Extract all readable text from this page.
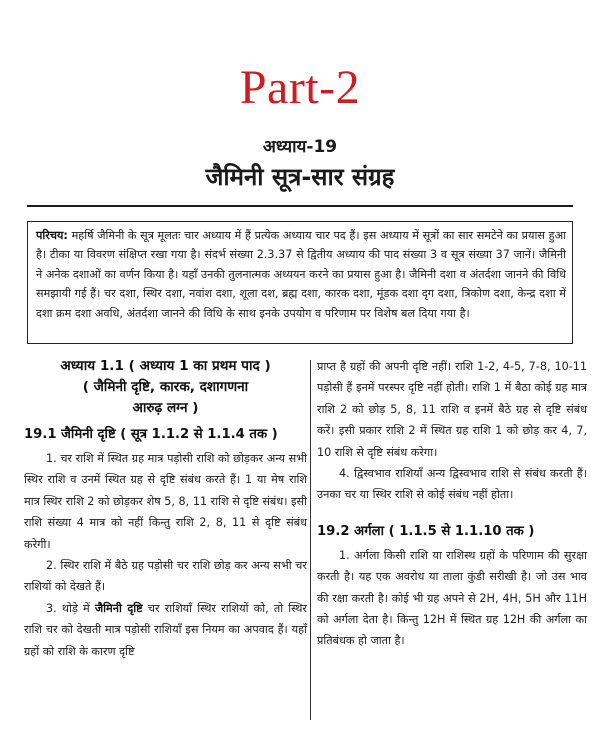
Part-2
अध्याय-19
जैमिनी सूत्र-सार संग्रह
परिचय: महर्षि जैमिनी के सूत्र मूलतः चार अध्याय में हैं प्रत्येक अध्याय चार पद हैं। इस अध्याय में सूत्रों का सार समटेने का प्रयास हुआ है। टीका या विवरण संक्षिप्त रखा गया है। संदर्भ संख्या 2.3.37 से द्वितीय अध्याय की पाद संख्या 3 व सूत्र संख्या 37 जानें। जैमिनी ने अनेक दशाओं का वर्णन किया है। यहाँ उनकी तुलनात्मक अध्ययन करने का प्रयास हुआ है। जैमिनी दशा व अंतर्दशा जानने की विधि समझायी गई हैं। चर दशा, स्थिर दशा, नवांश दशा, शूला दश, ब्रह्म दशा, कारक दशा, मूंडक दशा दृग दशा, त्रिकोण दशा, केन्द्र दशा में दशा क्रम दशा अवधि, अंतर्दशा जानने की विधि के साथ इनके उपयोग व परिणाम पर विशेष बल दिया गया है।
अध्याय 1.1 ( अध्याय 1 का प्रथम पाद )
( जैमिनी दृष्टि, कारक, दशागणना
आरुढ़ लग्न )
19.1 जैमिनी दृष्टि ( सूत्र 1.1.2 से 1.1.4 तक )

1. चर राशि में स्थित ग्रह मात्र पड़ोसी राशि को छोड़कर अन्य सभी स्थिर राशि व उनमें स्थित ग्रह से दृष्टि संबंध करते हैं। 1 या मेष राशि मात्र स्थिर राशि 2 को छोड़कर शेष 5, 8, 11 राशि से दृष्टि संबंध। इसी राशि संख्या 4 मात्र को नहीं किन्तु राशि 2, 8, 11 से दृष्टि संबंध करेगी।

2. स्थिर राशि में बैठे ग्रह पड़ोसी चर राशि छोड़ कर अन्य सभी चर राशियों को देखते हैं।

3. थोड़े में जैमिनी दृष्टि चर राशियाँ स्थिर राशियों को, तो स्थिर राशि चर को देखती मात्र पड़ोसी राशियाँ इस नियम का अपवाद हैं। यहाँ ग्रहों को राशि के कारण दृष्टि

प्राप्त है ग्रहों की अपनी दृष्टि नहीं। राशि 1-2, 4-5, 7-8, 10-11 पड़ोसी हैं इनमें परस्पर दृष्टि नहीं होती। राशि 1 में बैठा कोई ग्रह मात्र राशि 2 को छोड़ 5, 8, 11 राशि व इनमें बैठे ग्रह से दृष्टि संबंध करें। इसी प्रकार राशि 2 में स्थित ग्रह राशि 1 को छोड़ कर 4, 7, 10 राशि से दृष्टि संबंध करेगा।

4. द्विस्वभाव राशियाँ अन्य द्विस्वभाव राशि से संबंध करती हैं। उनका चर या स्थिर राशि से कोई संबंध नहीं होता।

19.2 अर्गला ( 1.1.5 से 1.1.10 तक )

1. अर्गला किसी राशि या राशिस्थ ग्रहों के परिणाम की सुरक्षा करती है। यह एक अवरोध या ताला कुंडी सरीखी है। जो उस भाव की रक्षा करती है। कोई भी ग्रह अपने से 2H, 4H, 5H और 11H को अर्गला देता है। किन्तु 12H में स्थित ग्रह 12H की अर्गला का प्रतिबंधक हो जाता है।
